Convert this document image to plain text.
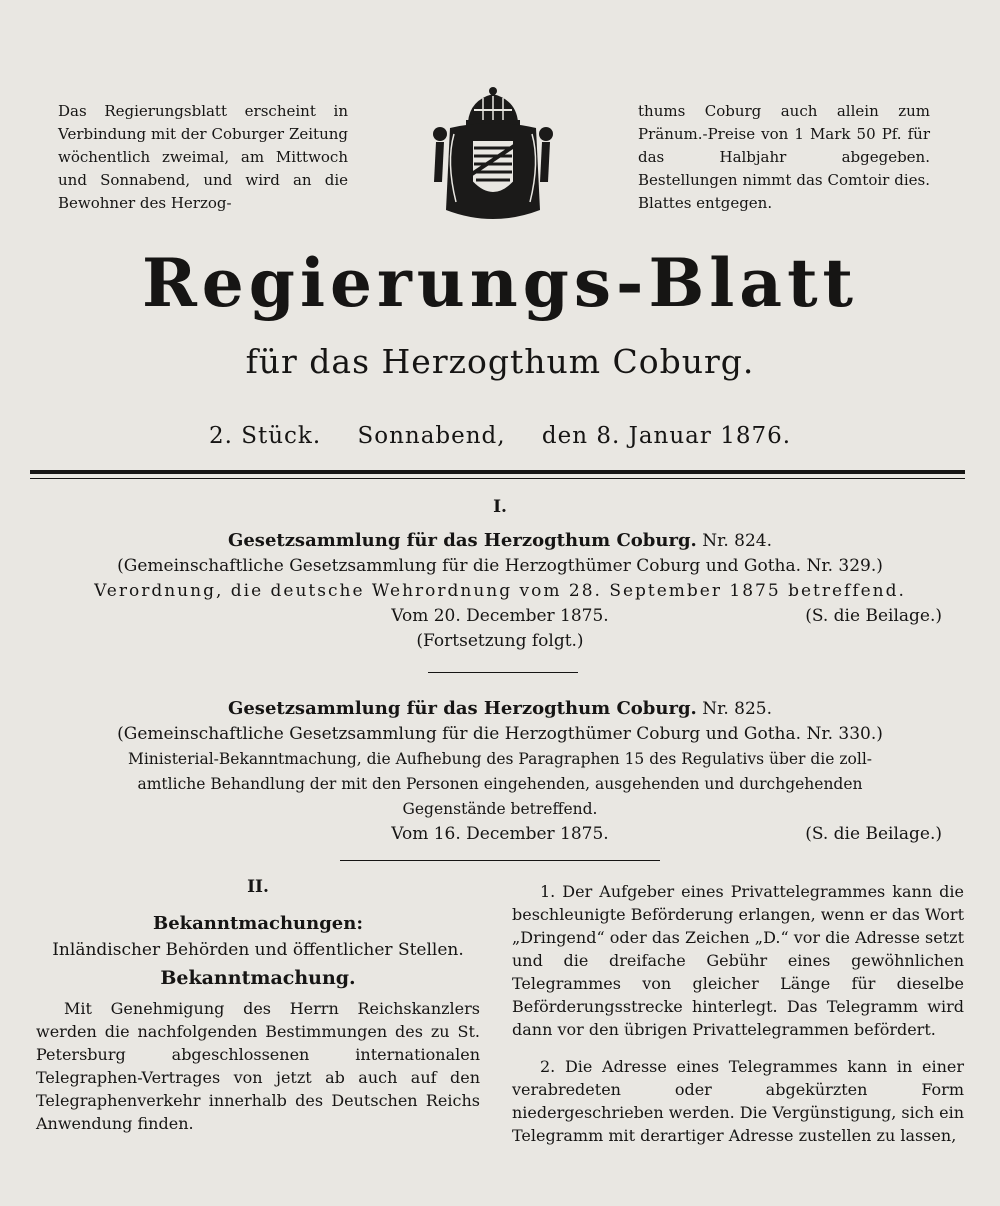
Das Regierungsblatt erscheint in Verbindung mit der Coburger Zeitung wöchentlich zweimal, am Mittwoch und Sonnabend, und wird an die Bewohner des Herzog-
thums Coburg auch allein zum Pränum.-Preise von 1 Mark 50 Pf. für das Halbjahr abgegeben. Bestellungen nimmt das Comtoir dies. Blattes entgegen.
Regierungs-Blatt
für das Herzogthum Coburg.
2. Stück. Sonnabend, den 8. Januar 1876.
I.
Gesetzsammlung für das Herzogthum Coburg. Nr. 824.
(Gemeinschaftliche Gesetzsammlung für die Herzogthümer Coburg und Gotha. Nr. 329.)
Verordnung, die deutsche Wehrordnung vom 28. September 1875 betreffend.
Vom 20. December 1875.	(S. die Beilage.)
(Fortsetzung folgt.)
Gesetzsammlung für das Herzogthum Coburg. Nr. 825.
(Gemeinschaftliche Gesetzsammlung für die Herzogthümer Coburg und Gotha. Nr. 330.)
Ministerial-Bekanntmachung, die Aufhebung des Paragraphen 15 des Regulativs über die zoll-
amtliche Behandlung der mit den Personen eingehenden, ausgehenden und durchgehenden
Gegenstände betreffend.
Vom 16. December 1875.	(S. die Beilage.)
II.
Bekanntmachungen:
Inländischer Behörden und öffentlicher Stellen.
Bekanntmachung.
Mit Genehmigung des Herrn Reichskanzlers werden die nachfolgenden Bestimmungen des zu St. Petersburg abgeschlossenen internationalen Telegraphen-Vertrages von jetzt ab auch auf den Telegraphenverkehr innerhalb des Deutschen Reichs Anwendung finden.

1. Der Aufgeber eines Privattelegrammes kann die beschleunigte Beförderung erlangen, wenn er das Wort „Dringend“ oder das Zeichen „D.“ vor die Adresse setzt und die dreifache Gebühr eines gewöhnlichen Telegrammes von gleicher Länge für dieselbe Beförderungsstrecke hinterlegt. Das Telegramm wird dann vor den übrigen Privattelegrammen befördert.

2. Die Adresse eines Telegrammes kann in einer verabredeten oder abgekürzten Form niedergeschrieben werden. Die Vergünstigung, sich ein Telegramm mit derartiger Adresse zustellen zu lassen,
